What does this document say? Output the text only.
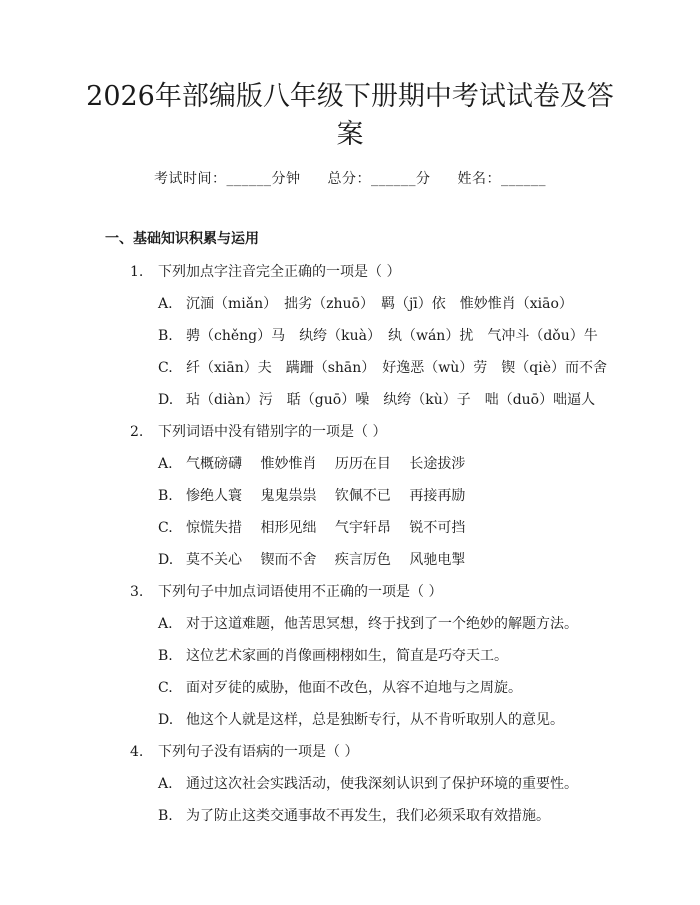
2026年部编版八年级下册期中考试试卷及答案
考试时间：______分钟 总分：______分 姓名：______
一、基础知识积累与运用
1. 下列加点字注音完全正确的一项是（ ）
A. 沉湎（miǎn）　拙劣（zhuō）　羁（jī）依　惟妙惟肖（xiāo）
B. 骋（chěng）马　纨绔（kuà）　纨（wán）扰　气冲斗（dǒu）牛
C. 纤（xiān）夫　蹒跚（shān）　好逸恶（wù）劳　锲（qiè）而不舍
D. 玷（diàn）污　聒（guō）噪　纨绔（kù）子　咄（duō）咄逼人
2. 下列词语中没有错别字的一项是（ ）
A. 气概磅礴　 惟妙惟肖　 历历在目　 长途拔涉
B. 惨绝人寰　 鬼鬼祟祟　 钦佩不已　 再接再励
C. 惊慌失措　 相形见绌　 气宇轩昂　 锐不可挡
D. 莫不关心　 锲而不舍　 疾言厉色　 风驰电掣
3. 下列句子中加点词语使用不正确的一项是（ ）
A. 对于这道难题，他苦思冥想，终于找到了一个绝妙的解题方法。
B. 这位艺术家画的肖像画栩栩如生，简直是巧夺天工。
C. 面对歹徒的威胁，他面不改色，从容不迫地与之周旋。
D. 他这个人就是这样，总是独断专行，从不肯听取别人的意见。
4. 下列句子没有语病的一项是（ ）
A. 通过这次社会实践活动，使我深刻认识到了保护环境的重要性。
B. 为了防止这类交通事故不再发生，我们必须采取有效措施。
